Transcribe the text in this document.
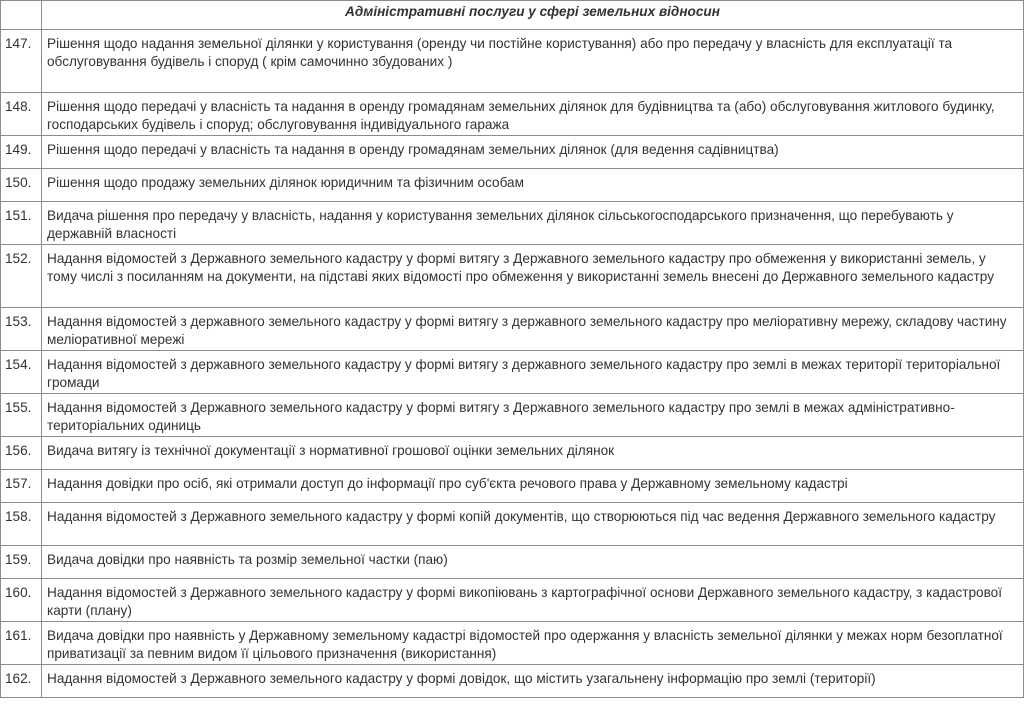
	Адміністративні послуги у сфері земельних відносин
147.	Рішення щодо надання земельної ділянки у користування (оренду чи постійне користування) або про передачу у власність для експлуатації та обслуговування будівель і споруд ( крім самочинно збудованих )
148.	Рішення щодо передачі у власність та надання в оренду громадянам земельних ділянок для будівництва та (або) обслуговування житлового будинку, господарських будівель і споруд; обслуговування індивідуального гаража
149.	Рішення щодо передачі у власність та надання в оренду громадянам земельних ділянок (для ведення садівництва)
150.	Рішення щодо продажу земельних ділянок юридичним та фізичним особам
151.	Видача рішення про передачу у власність, надання у користування земельних ділянок сільськогосподарського призначення, що перебувають у державній власності
152.	Надання відомостей з Державного земельного кадастру у формі витягу з Державного земельного кадастру про обмеження у використанні земель, у тому числі з посиланням на документи, на підставі яких відомості про обмеження у використанні земель внесені до Державного земельного кадастру
153.	Надання відомостей з державного земельного кадастру у формі витягу з державного земельного кадастру про меліоративну мережу, складову частину меліоративної мережі
154.	Надання відомостей з державного земельного кадастру у формі витягу з державного земельного кадастру про землі в межах території територіальної громади
155.	Надання відомостей з Державного земельного кадастру у формі витягу з Державного земельного кадастру про землі в межах адміністративно-територіальних одиниць
156.	Видача витягу із технічної документації з нормативної грошової оцінки земельних ділянок
157.	Надання довідки про осіб, які отримали доступ до інформації про суб'єкта речового права у Державному земельному кадастрі
158.	Надання відомостей з Державного земельного кадастру у формі копій документів, що створюються під час ведення Державного земельного кадастру
159.	Видача довідки про наявність та розмір земельної частки (паю)
160.	Надання відомостей з Державного земельного кадастру у формі викопіювань з картографічної основи Державного земельного кадастру, з кадастрової карти (плану)
161.	Видача довідки про наявність у Державному земельному кадастрі відомостей про одержання у власність земельної ділянки у межах норм безоплатної приватизації за певним видом її цільового призначення (використання)
162.	Надання відомостей з Державного земельного кадастру у формі довідок, що містить узагальнену інформацію про землі (території)
